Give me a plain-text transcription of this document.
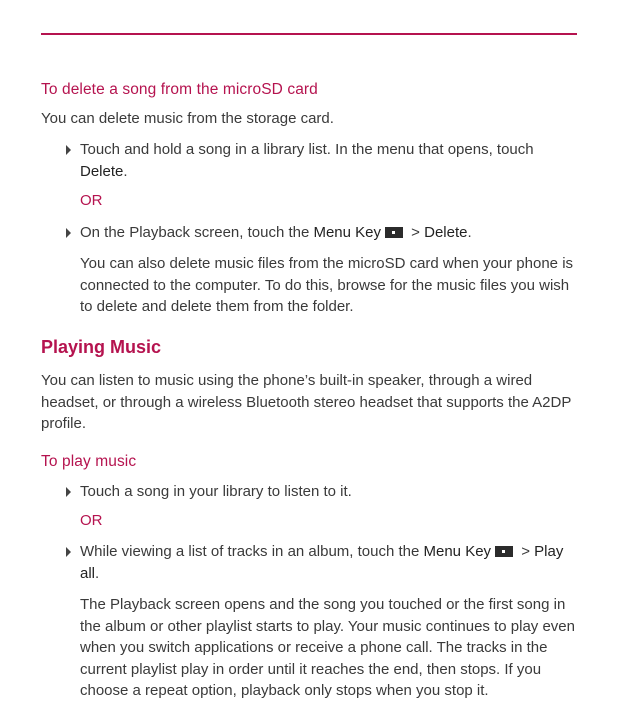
To delete a song from the microSD card
You can delete music from the storage card.
Touch and hold a song in a library list. In the menu that opens, touch Delete.
OR
On the Playback screen, touch the Menu Key > Delete.
You can also delete music files from the microSD card when your phone is connected to the computer. To do this, browse for the music files you wish to delete and delete them from the folder.
Playing Music
You can listen to music using the phone’s built-in speaker, through a wired headset, or through a wireless Bluetooth stereo headset that supports the A2DP profile.
To play music
Touch a song in your library to listen to it.
OR
While viewing a list of tracks in an album, touch the Menu Key > Play all.
The Playback screen opens and the song you touched or the first song in the album or other playlist starts to play. Your music continues to play even when you switch applications or receive a phone call. The tracks in the current playlist play in order until it reaches the end, then stops. If you choose a repeat option, playback only stops when you stop it.
